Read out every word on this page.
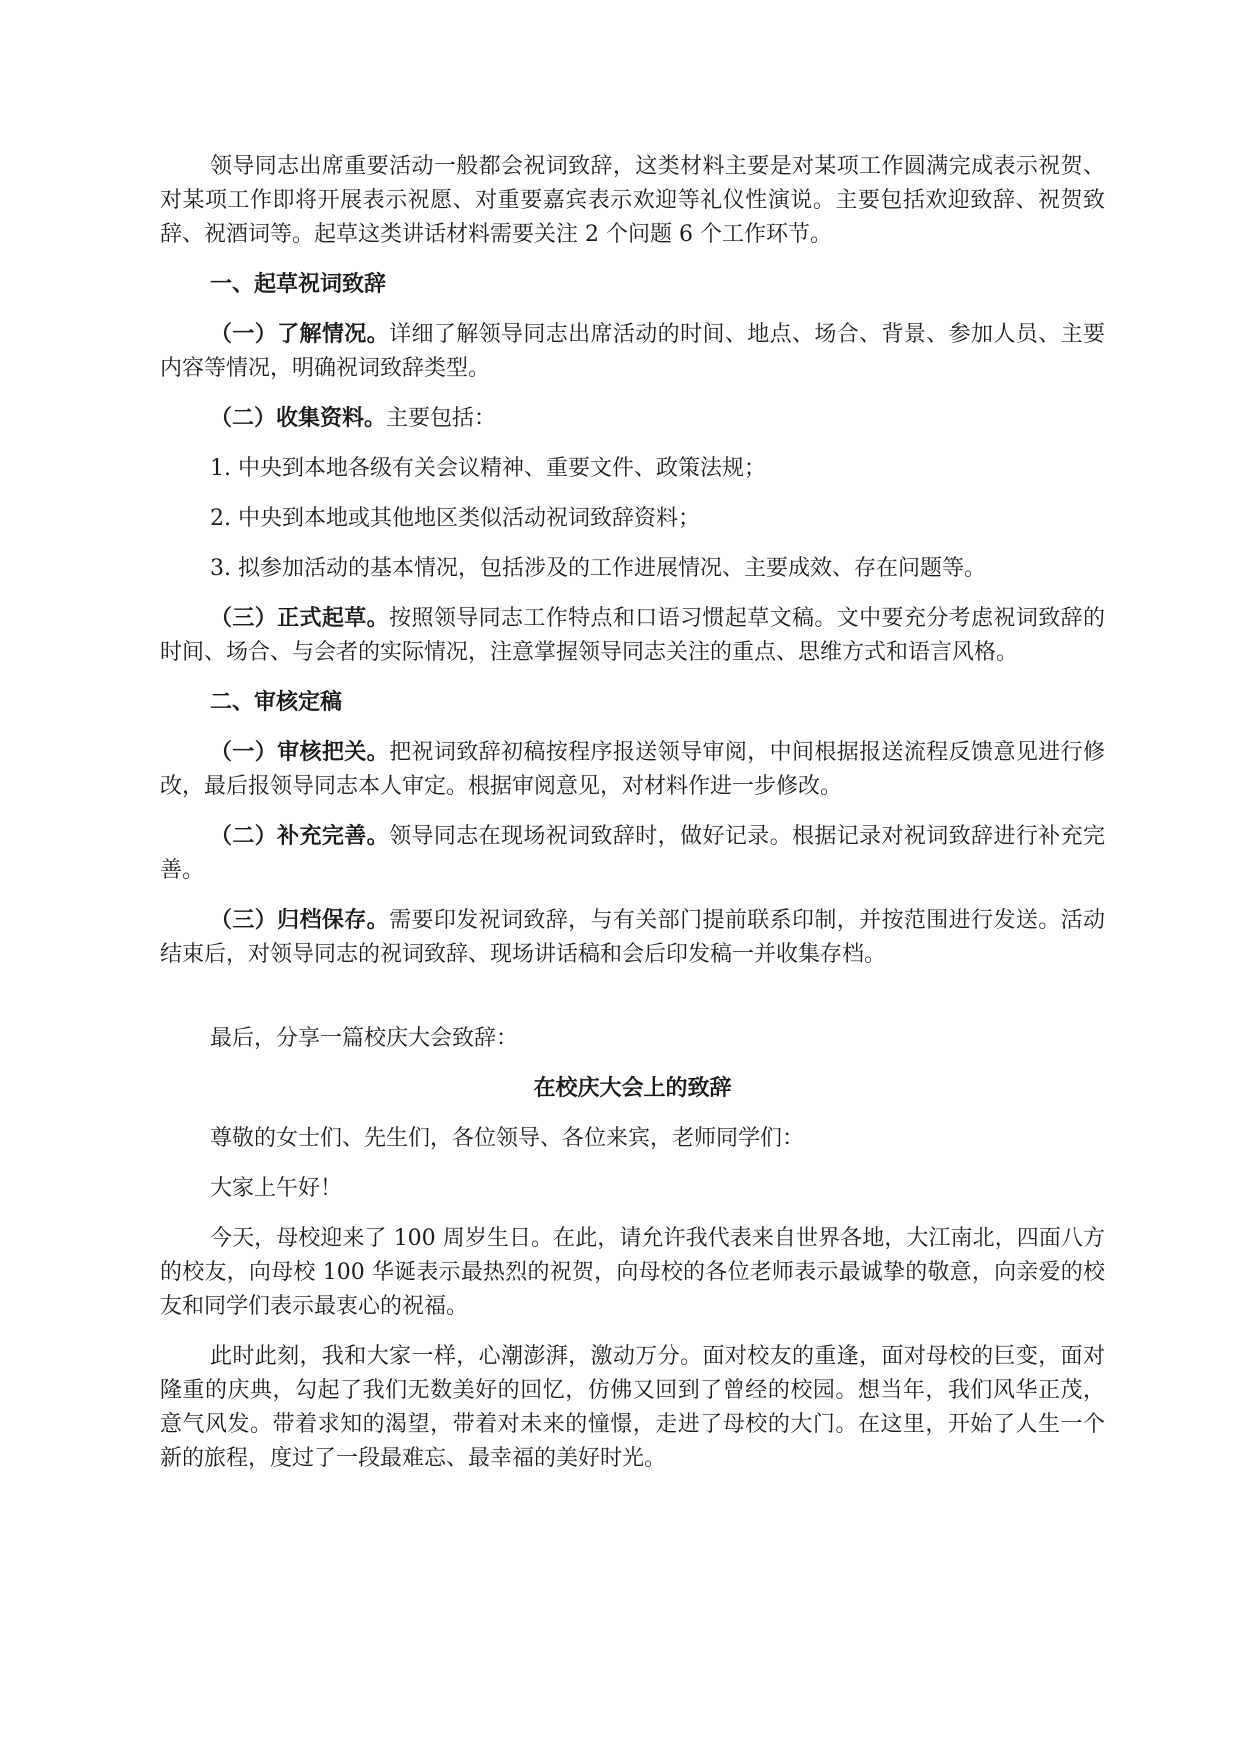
领导同志出席重要活动一般都会祝词致辞，这类材料主要是对某项工作圆满完成表示祝贺、对某项工作即将开展表示祝愿、对重要嘉宾表示欢迎等礼仪性演说。主要包括欢迎致辞、祝贺致辞、祝酒词等。起草这类讲话材料需要关注 2 个问题 6 个工作环节。

一、起草祝词致辞

（一）了解情况。详细了解领导同志出席活动的时间、地点、场合、背景、参加人员、主要内容等情况，明确祝词致辞类型。

（二）收集资料。主要包括：

1. 中央到本地各级有关会议精神、重要文件、政策法规；

2. 中央到本地或其他地区类似活动祝词致辞资料；

3. 拟参加活动的基本情况，包括涉及的工作进展情况、主要成效、存在问题等。

（三）正式起草。按照领导同志工作特点和口语习惯起草文稿。文中要充分考虑祝词致辞的时间、场合、与会者的实际情况，注意掌握领导同志关注的重点、思维方式和语言风格。

二、审核定稿

（一）审核把关。把祝词致辞初稿按程序报送领导审阅，中间根据报送流程反馈意见进行修改，最后报领导同志本人审定。根据审阅意见，对材料作进一步修改。

（二）补充完善。领导同志在现场祝词致辞时，做好记录。根据记录对祝词致辞进行补充完善。

（三）归档保存。需要印发祝词致辞，与有关部门提前联系印制，并按范围进行发送。活动结束后，对领导同志的祝词致辞、现场讲话稿和会后印发稿一并收集存档。

最后，分享一篇校庆大会致辞：

在校庆大会上的致辞

尊敬的女士们、先生们，各位领导、各位来宾，老师同学们：

大家上午好！

今天，母校迎来了 100 周岁生日。在此，请允许我代表来自世界各地，大江南北，四面八方的校友，向母校 100 华诞表示最热烈的祝贺，向母校的各位老师表示最诚挚的敬意，向亲爱的校友和同学们表示最衷心的祝福。

此时此刻，我和大家一样，心潮澎湃，激动万分。面对校友的重逢，面对母校的巨变，面对隆重的庆典，勾起了我们无数美好的回忆，仿佛又回到了曾经的校园。想当年，我们风华正茂，意气风发。带着求知的渴望，带着对未来的憧憬，走进了母校的大门。在这里，开始了人生一个新的旅程，度过了一段最难忘、最幸福的美好时光。
